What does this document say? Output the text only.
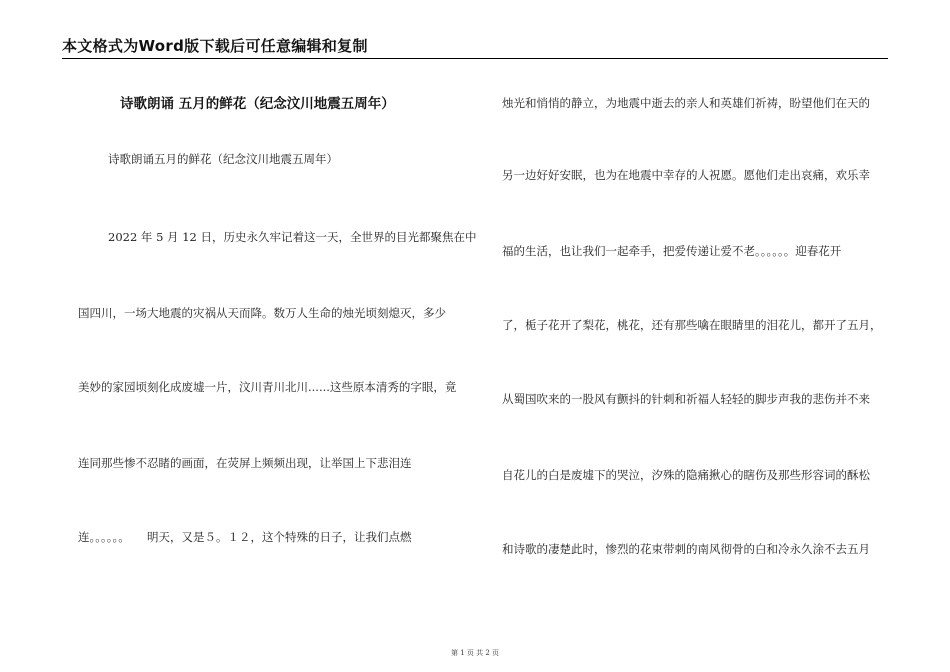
本文格式为Word版下载后可任意编辑和复制
诗歌朗诵 五月的鲜花（纪念汶川地震五周年）
诗歌朗诵五月的鲜花（纪念汶川地震五周年）
2022 年 5 月 12 日，历史永久牢记着这一天，全世界的目光都聚焦在中
国四川，一场大地震的灾祸从天而降。数万人生命的烛光顷刻熄灭，多少
美妙的家园顷刻化成废墟一片，汶川青川北川......这些原本清秀的字眼，竟
连同那些惨不忍睹的画面，在荧屏上频频出现，让举国上下悲泪连
连。。。。。。　　明天，又是５。１２，这个特殊的日子，让我们点燃
烛光和悄悄的静立，为地震中逝去的亲人和英雄们祈祷，盼望他们在天的
另一边好好安眠，也为在地震中幸存的人祝愿。愿他们走出哀痛，欢乐幸
福的生活，也让我们一起牵手，把爱传递让爱不老。。。。。。迎春花开
了，栀子花开了梨花，桃花，还有那些噙在眼睛里的泪花儿，都开了五月，
从蜀国吹来的一股风有颤抖的针刺和祈福人轻轻的脚步声我的悲伤并不来
自花儿的白是废墟下的哭泣，汐殊的隐痛揪心的瞎伤及那些形容词的酥松
和诗歌的凄楚此时，惨烈的花束带刺的南风彻骨的白和冷永久涂不去五月
第 1 页 共 2 页
